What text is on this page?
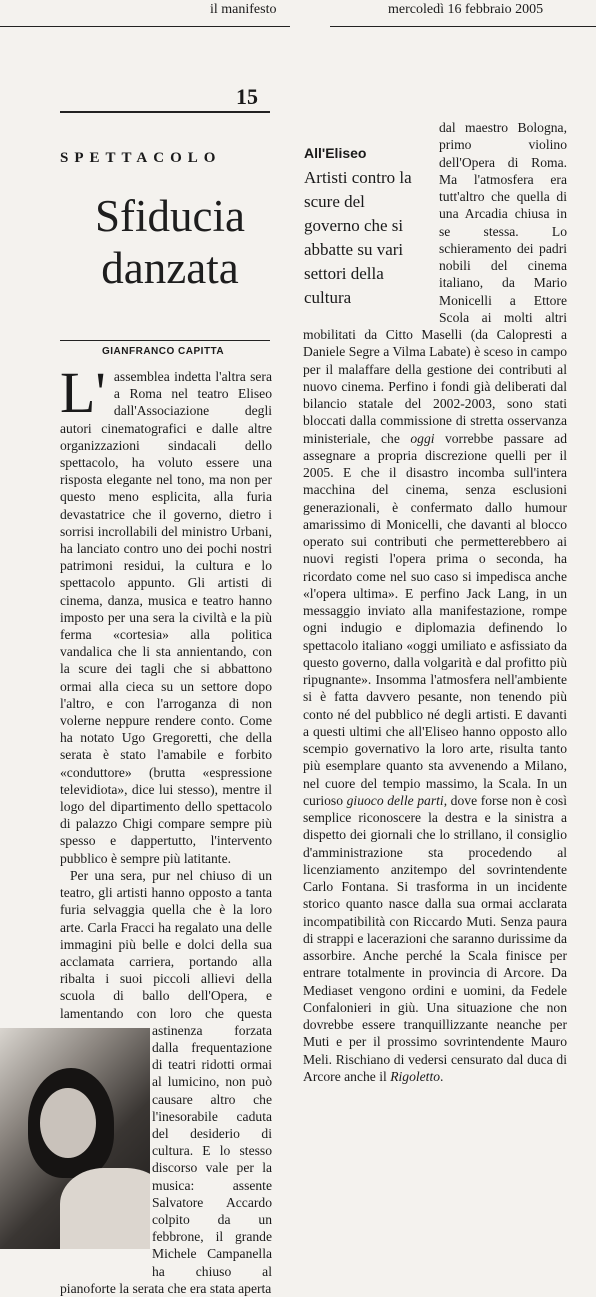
il manifesto	mercoledì 16 febbraio 2005
15
SPETTACOLO
Sfiducia danzata
GIANFRANCO CAPITTA

L' assemblea indetta l'altra sera a Roma nel teatro Eliseo dall'Associazione degli autori cinematografici e dalle altre organizzazioni sindacali dello spettacolo, ha voluto essere una risposta elegante nel tono, ma non per questo meno esplicita, alla furia devastatrice che il governo, dietro i sorrisi incrollabili del ministro Urbani, ha lanciato contro uno dei pochi nostri patrimoni residui, la cultura e lo spettacolo appunto. Gli artisti di cinema, danza, musica e teatro hanno imposto per una sera la civiltà e la più ferma «cortesia» alla politica vandalica che li sta annientando, con la scure dei tagli che si abbattono ormai alla cieca su un settore dopo l'altro, e con l'arroganza di non volerne neppure rendere conto. Come ha notato Ugo Gregoretti, che della serata è stato l'amabile e forbito «conduttore» (brutta «espressione televidiota», dice lui stesso), mentre il logo del dipartimento dello spettacolo di palazzo Chigi compare sempre più spesso e dappertutto, l'intervento pubblico è sempre più latitante.

Per una sera, pur nel chiuso di un teatro, gli artisti hanno opposto a tanta furia selvaggia quella che è la loro arte. Carla Fracci ha regalato una delle immagini più belle e dolci della sua acclamata carriera, portando alla ribalta i suoi piccoli allievi della scuola di ballo dell'Opera, e lamentando con loro che questa astinenza forzata dalla frequentazione di teatri ridotti ormai al lumicino, non può causare altro che l'inesorabile caduta del desiderio di cultura. E lo stesso discorso vale per la musica: assente Salvatore Accardo colpito da un febbrone, il grande Michele Campanella ha chiuso al pianoforte la serata che era stata aperta

All'Eliseo
Artisti contro la scure del governo che si abbatte su vari settori della cultura

dal maestro Bologna, primo violino dell'Opera di Roma. Ma l'atmosfera era tutt'altro che quella di una Arcadia chiusa in se stessa. Lo schieramento dei padri nobili del cinema italiano, da Mario Monicelli a Ettore Scola ai molti altri mobilitati da Citto Maselli (da Calopresti a Daniele Segre a Vilma Labate) è sceso in campo per il malaffare della gestione dei contributi al nuovo cinema. Perfino i fondi già deliberati dal bilancio statale del 2002-2003, sono stati bloccati dalla commissione di stretta osservanza ministeriale, che oggi vorrebbe passare ad assegnare a propria discrezione quelli per il 2005. E che il disastro incomba sull'intera macchina del cinema, senza esclusioni generazionali, è confermato dallo humour amarissimo di Monicelli, che davanti al blocco operato sui contributi che permetterebbero ai nuovi registi l'opera prima o seconda, ha ricordato come nel suo caso si impedisca anche «l'opera ultima». E perfino Jack Lang, in un messaggio inviato alla manifestazione, rompe ogni indugio e diplomazia definendo lo spettacolo italiano «oggi umiliato e asfissiato da questo governo, dalla volgarità e dal profitto più ripugnante». Insomma l'atmosfera nell'ambiente si è fatta davvero pesante, non tenendo più conto né del pubblico né degli artisti. E davanti a questi ultimi che all'Eliseo hanno opposto allo scempio governativo la loro arte, risulta tanto più esemplare quanto sta avvenendo a Milano, nel cuore del tempio massimo, la Scala. In un curioso giuoco delle parti, dove forse non è così semplice riconoscere la destra e la sinistra a dispetto dei giornali che lo strillano, il consiglio d'amministrazione sta procedendo al licenziamento anzitempo del sovrintendente Carlo Fontana. Si trasforma in un incidente storico quanto nasce dalla sua ormai acclarata incompatibilità con Riccardo Muti. Senza paura di strappi e lacerazioni che saranno durissime da assorbire. Anche perché la Scala finisce per entrare totalmente in provincia di Arcore. Da Mediaset vengono ordini e uomini, da Fedele Confalonieri in giù. Una situazione che non dovrebbe essere tranquillizzante neanche per Muti e per il prossimo sovrintendente Mauro Meli. Rischiano di vedersi censurato dal duca di Arcore anche il Rigoletto.
